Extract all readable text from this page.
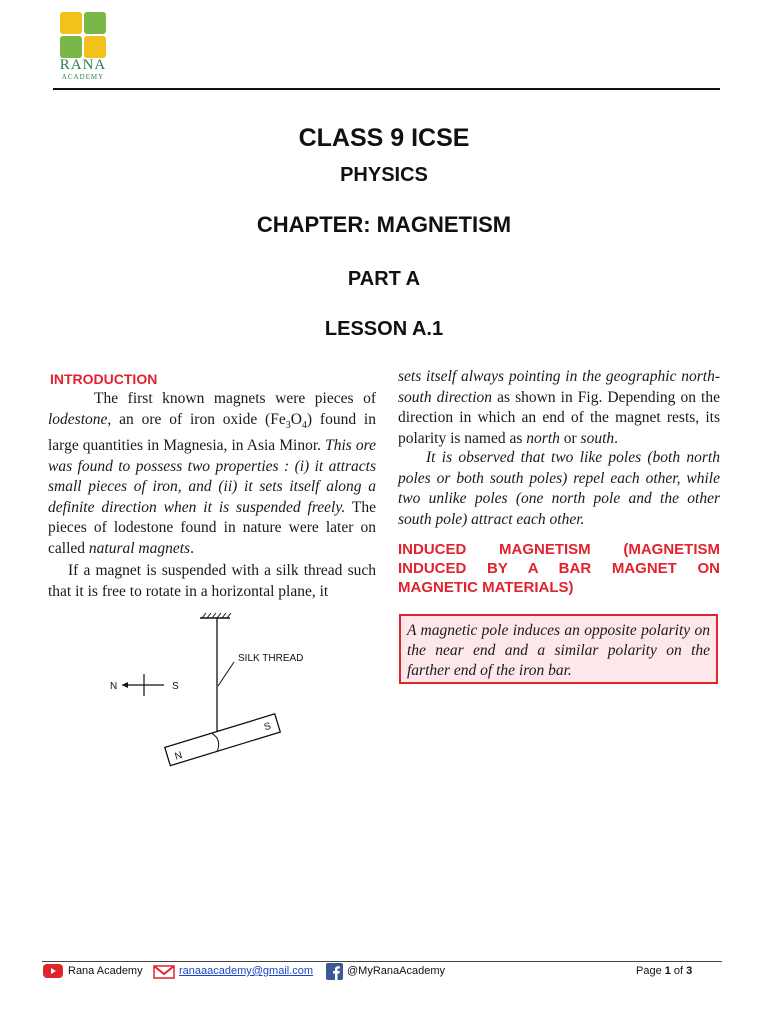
RANA
ACADEMY
CLASS 9 ICSE
PHYSICS
CHAPTER: MAGNETISM
PART A
LESSON A.1
INTRODUCTION
The first known magnets were pieces of lodestone, an ore of iron oxide $(Fe_3O_4)$ found in large quantities in Magnesia, in Asia Minor. This ore was found to possess two properties : (i) it attracts small pieces of iron, and (ii) it sets itself along a definite direction when it is suspended freely. The pieces of lodestone found in nature were later on called natural magnets.
If a magnet is suspended with a silk thread such that it is free to rotate in a horizontal plane, it
SILK THREAD
N	S
N
S
sets itself always pointing in the geographic north-south direction as shown in Fig. Depending on the direction in which an end of the magnet rests, its polarity is named as north or south.
It is observed that two like poles (both north poles or both south poles) repel each other, while two unlike poles (one north pole and the other south pole) attract each other.
INDUCED MAGNETISM (MAGNETISM INDUCED BY A BAR MAGNET ON MAGNETIC MATERIALS)
A magnetic pole induces an opposite polarity on the near end and a similar polarity on the farther end of the iron bar.
Rana Academy	ranaaacademy@gmail.com	@MyRanaAcademy	Page 1 of 3
